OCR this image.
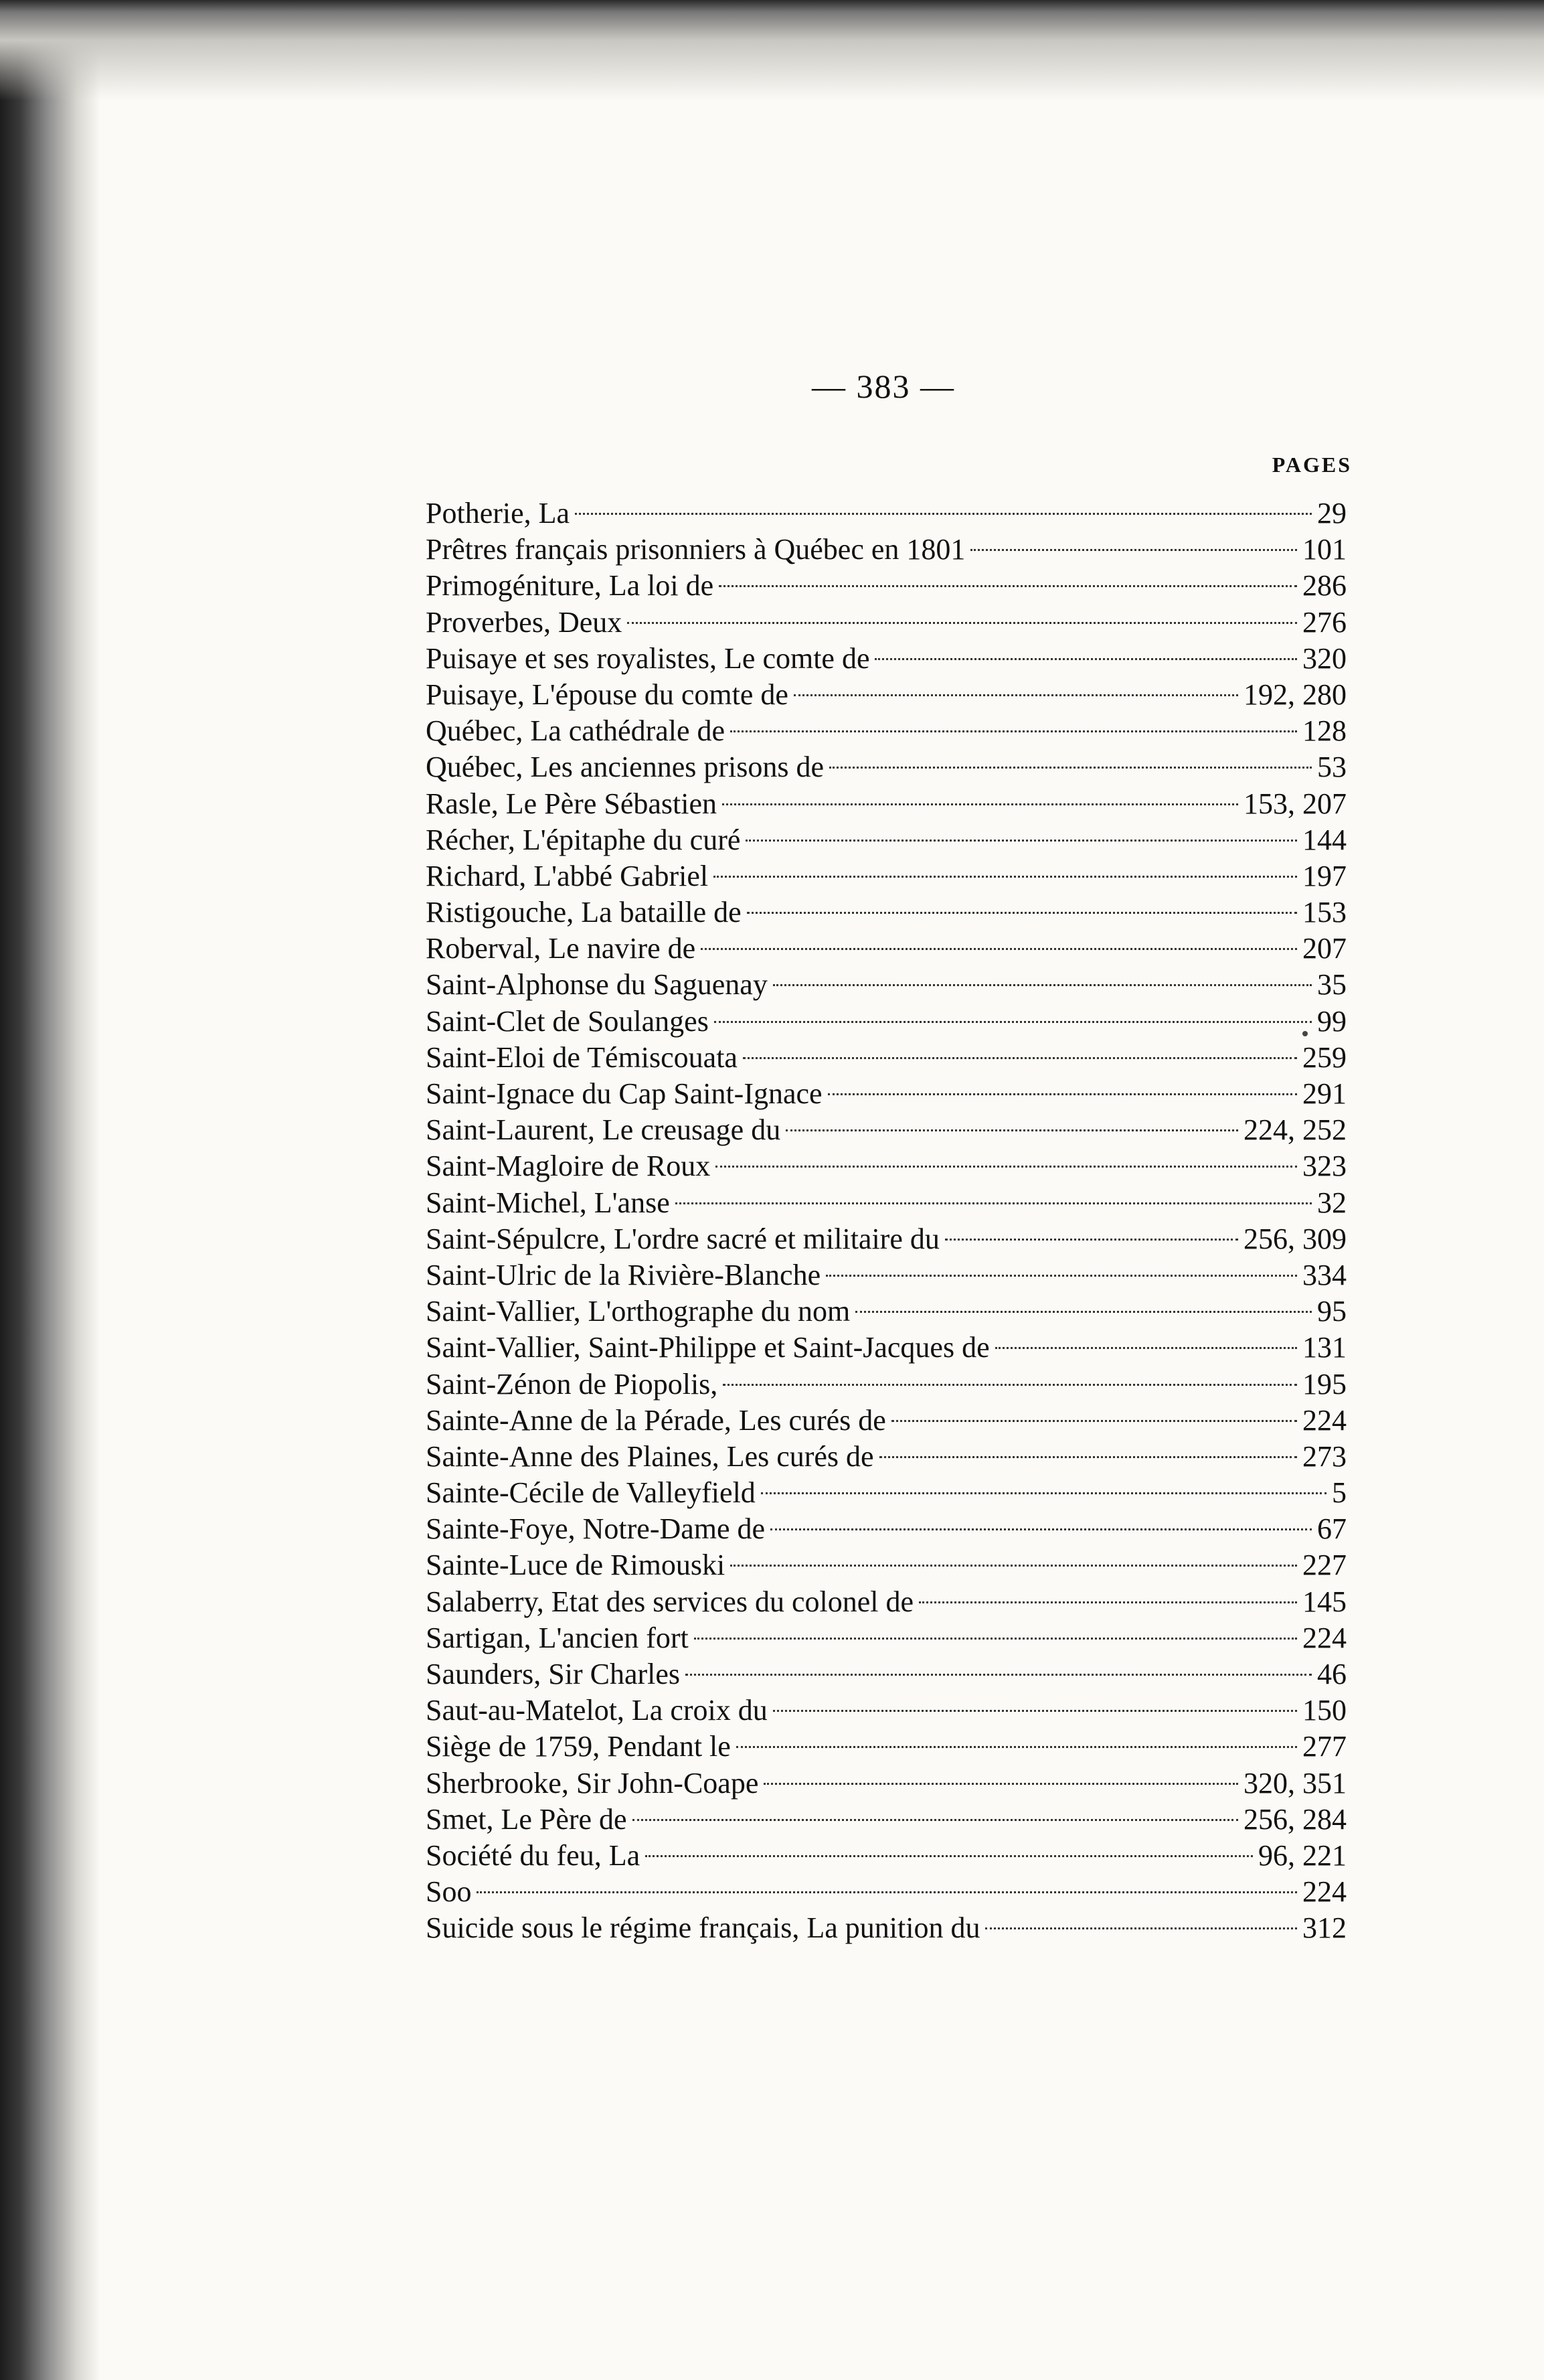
— 383 —
PAGES
Potherie, La	29
Prêtres français prisonniers à Québec en 1801	101
Primogéniture, La loi de	286
Proverbes, Deux	276
Puisaye et ses royalistes, Le comte de	320
Puisaye, L'épouse du comte de	192, 280
Québec, La cathédrale de	128
Québec, Les anciennes prisons de	53
Rasle, Le Père Sébastien	153, 207
Récher, L'épitaphe du curé	144
Richard, L'abbé Gabriel	197
Ristigouche, La bataille de	153
Roberval, Le navire de	207
Saint-Alphonse du Saguenay	35
Saint-Clet de Soulanges	99
Saint-Eloi de Témiscouata	259
Saint-Ignace du Cap Saint-Ignace	291
Saint-Laurent, Le creusage du	224, 252
Saint-Magloire de Roux	323
Saint-Michel, L'anse	32
Saint-Sépulcre, L'ordre sacré et militaire du	256, 309
Saint-Ulric de la Rivière-Blanche	334
Saint-Vallier, L'orthographe du nom	95
Saint-Vallier, Saint-Philippe et Saint-Jacques de	131
Saint-Zénon de Piopolis,	195
Sainte-Anne de la Pérade, Les curés de	224
Sainte-Anne des Plaines, Les curés de	273
Sainte-Cécile de Valleyfield	5
Sainte-Foye, Notre-Dame de	67
Sainte-Luce de Rimouski	227
Salaberry, Etat des services du colonel de	145
Sartigan, L'ancien fort	224
Saunders, Sir Charles	46
Saut-au-Matelot, La croix du	150
Siège de 1759, Pendant le	277
Sherbrooke, Sir John-Coape	320, 351
Smet, Le Père de	256, 284
Société du feu, La	96, 221
Soo	224
Suicide sous le régime français, La punition du	312
